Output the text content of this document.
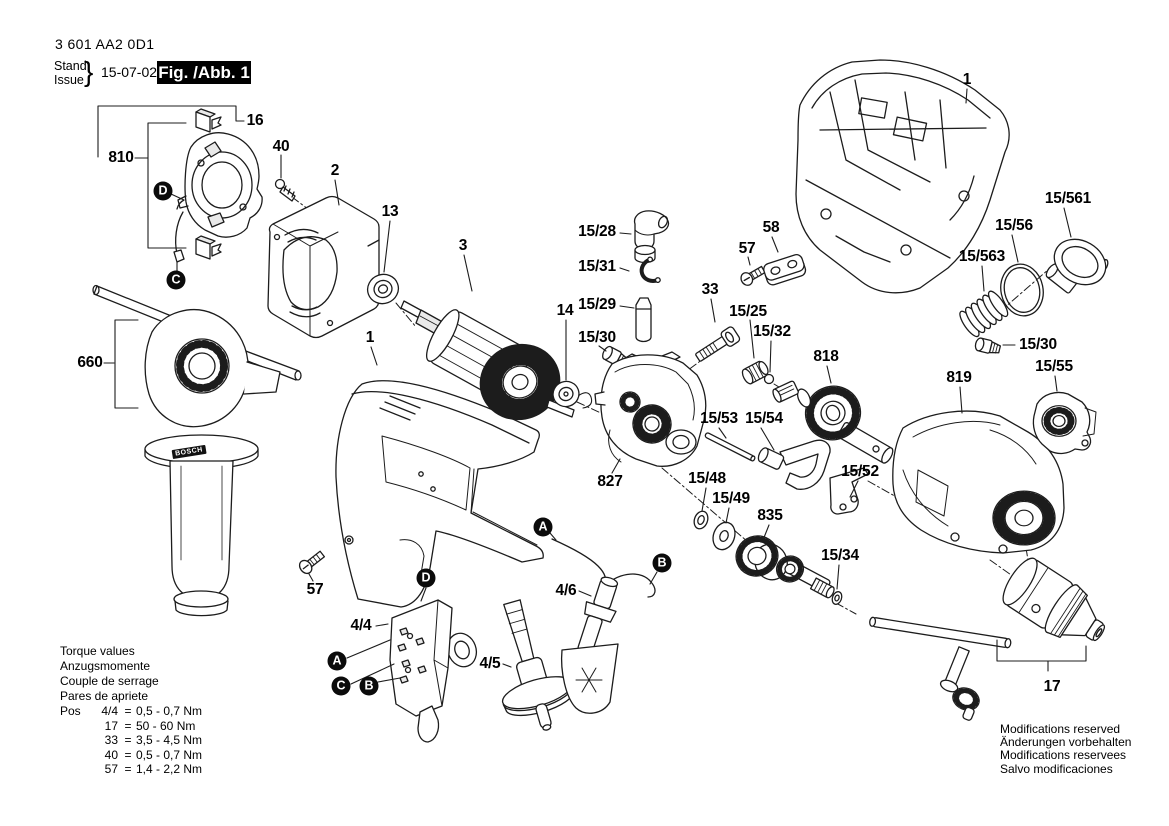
3 601 AA2 0D1
Stand
Issue } 15-07-02 Fig. /Abb. 1
BOSCH
Torque values
Anzugsmomente
Couple de serrage
Pares de apriete
Pos	4/4 = 0,5 - 0,7 Nm
17 = 50 - 60 Nm
33 = 3,5 - 4,5 Nm
40 = 0,5 - 0,7 Nm
57 = 1,4 - 2,2 Nm
Modifications reserved
Änderungen vorbehalten
Modifications reservees
Salvo modificaciones
16
810
40
2
13
3
660
1
14
15/28
15/31
15/29
15/30
33
15/25
15/32
57
58
818
819
1
15/561
15/56
15/563
15/30
15/55
15/53 15/54
15/52
827	15/48
15/49
835
15/34
57
4/4
4/6
4/5
17
D
C
A
B
D
A
C	B
